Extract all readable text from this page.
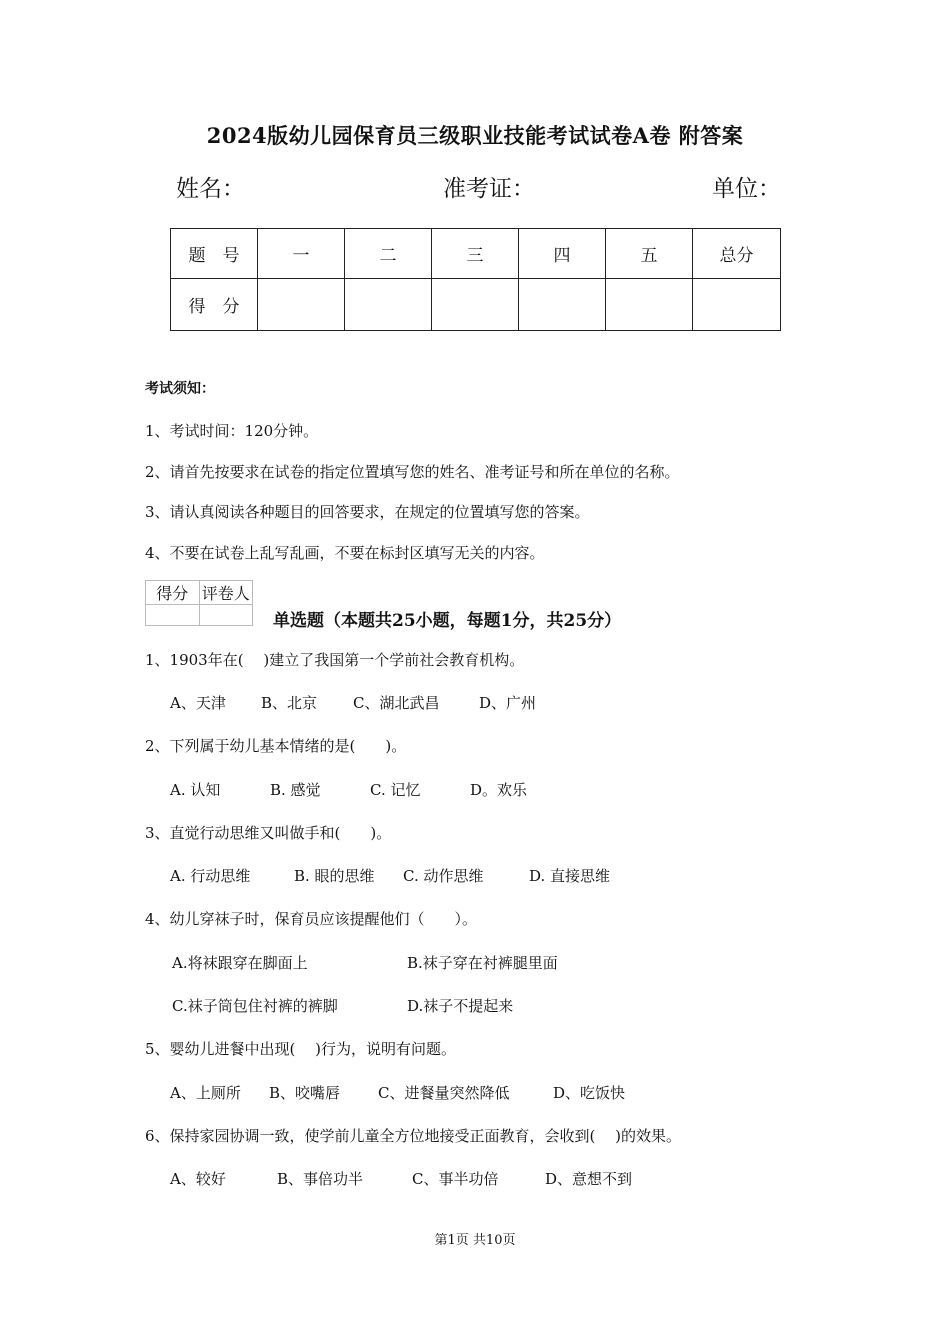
2024版幼儿园保育员三级职业技能考试试卷A卷 附答案
姓名：	准考证：	单位：
题　号	一	二	三	四	五	总分
得　分						
考试须知：
1、考试时间：120分钟。
2、请首先按要求在试卷的指定位置填写您的姓名、准考证号和所在单位的名称。
3、请认真阅读各种题目的回答要求，在规定的位置填写您的答案。
4、不要在试卷上乱写乱画，不要在标封区填写无关的内容。
得分	评卷人

单选题（本题共25小题，每题1分，共25分）
1、1903年在(　 )建立了我国第一个学前社会教育机构。
A、天津 B、北京 C、湖北武昌	D、广州
2、下列属于幼儿基本情绪的是(　　)。
A. 认知	B. 感觉	C. 记忆	D。欢乐
3、直觉行动思维又叫做手和(　　)。
A. 行动思维	B. 眼的思维 C. 动作思维	D. 直接思维
4、幼儿穿袜子时，保育员应该提醒他们（　　）。
A.将袜跟穿在脚面上	B.袜子穿在衬裤腿里面
C.袜子筒包住衬裤的裤脚	D.袜子不提起来
5、婴幼儿进餐中出现(　 )行为，说明有问题。
A、上厕所 B、咬嘴唇	C、进餐量突然降低	D、吃饭快
6、保持家园协调一致，使学前儿童全方位地接受正面教育，会收到(　 )的效果。
A、较好	B、事倍功半	C、事半功倍	D、意想不到
第1页 共10页
